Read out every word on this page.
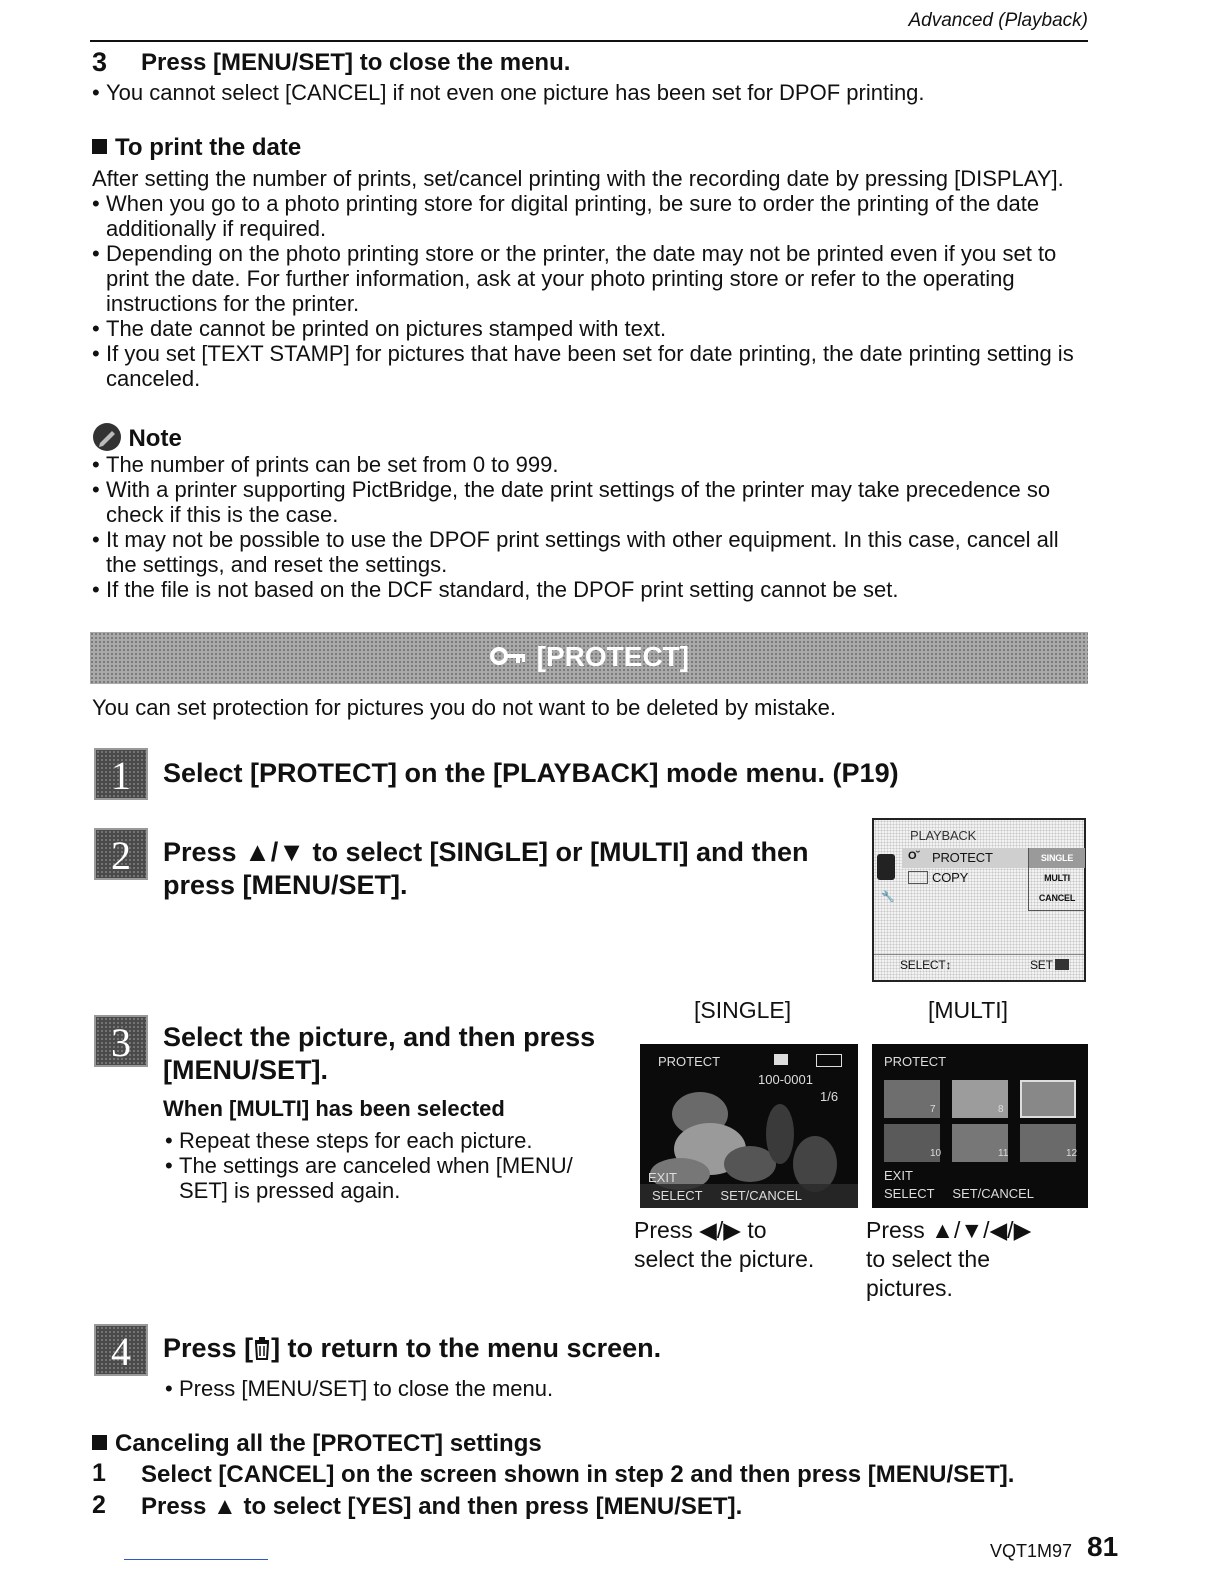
Advanced (Playback)
3 Press [MENU/SET] to close the menu.
• You cannot select [CANCEL] if not even one picture has been set for DPOF printing.
To print the date
After setting the number of prints, set/cancel printing with the recording date by pressing [DISPLAY].
• When you go to a photo printing store for digital printing, be sure to order the printing of the date additionally if required.
• Depending on the photo printing store or the printer, the date may not be printed even if you set to print the date. For further information, ask at your photo printing store or refer to the operating instructions for the printer.
• The date cannot be printed on pictures stamped with text.
• If you set [TEXT STAMP] for pictures that have been set for date printing, the date printing setting is canceled.
Note
• The number of prints can be set from 0 to 999.
• With a printer supporting PictBridge, the date print settings of the printer may take precedence so check if this is the case.
• It may not be possible to use the DPOF print settings with other equipment. In this case, cancel all the settings, and reset the settings.
• If the file is not based on the DCF standard, the DPOF print setting cannot be set.
[PROTECT]
You can set protection for pictures you do not want to be deleted by mistake.
1	Select [PROTECT] on the [PLAYBACK] mode menu. (P19)
2	Press ▲/▼ to select [SINGLE] or [MULTI] and then
press [MENU/SET].
PLAYBACK
🔧
O˘ PROTECT
COPY
SINGLE
MULTI
CANCEL
SELECT↕	SET
3	Select the picture, and then press
[MENU/SET].
When [MULTI] has been selected
• Repeat these steps for each picture.
• The settings are canceled when [MENU/ SET] is pressed again.
[SINGLE]
PROTECT
100-0001
1/6
EXIT
SELECT     SET/CANCEL
Press ◀/▶ to
select the picture.
[MULTI]
PROTECT
7	8
10	11	12
EXIT
SELECT     SET/CANCEL
Press ▲/▼/◀/▶
to select the
pictures.
4	Press [ ] to return to the menu screen.
• Press [MENU/SET] to close the menu.
Canceling all the [PROTECT] settings
1 Select [CANCEL] on the screen shown in step 2 and then press [MENU/SET].
2 Press ▲ to select [YES] and then press [MENU/SET].
VQT1M97 81
